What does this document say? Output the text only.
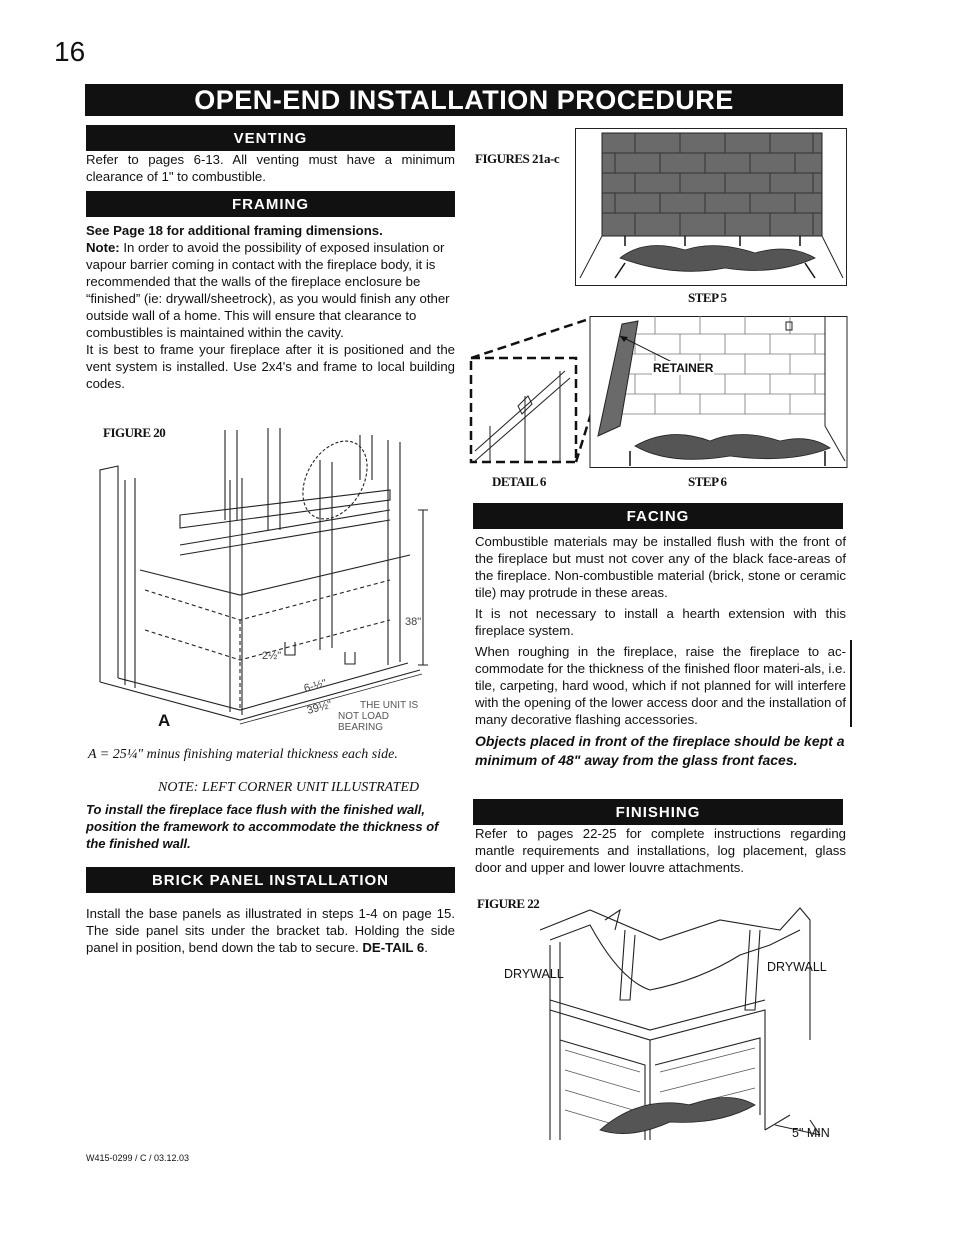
16
OPEN-END INSTALLATION PROCEDURE
VENTING
Refer to pages 6-13. All venting must have a minimum clearance of 1" to combustible.
FRAMING

See Page 18 for additional framing dimensions.

Note: In order to avoid the possibility of exposed insulation or vapour barrier coming in contact with the fireplace body, it is recommended that the walls of the fireplace enclosure be “finished” (ie: drywall/sheetrock), as you would finish any other outside wall of a home. This will ensure that clearance to combustibles is maintained within the cavity.

It is best to frame your fireplace after it is positioned and the vent system is installed. Use 2x4's and frame to local building codes.

FIGURE 20
38"
2½"
6-½"
39½"	THE UNIT IS
NOT LOAD
BEARING
A
A = 25¼" minus finishing material thickness each side.
NOTE: LEFT CORNER UNIT ILLUSTRATED
To install the fireplace face flush with the finished wall, position the framework to accommodate the thickness of the finished wall.
BRICK PANEL INSTALLATION
Install the base panels as illustrated in steps 1-4 on page 15. The side panel sits under the bracket tab. Holding the side panel in position, bend down the tab to secure. DE-TAIL 6.
W415-0299 / C / 03.12.03
FIGURES 21a-c
STEP 5
RETAINER
DETAIL 6	STEP 6
FACING

Combustible materials may be installed flush with the front of the fireplace but must not cover any of the black face-areas of the fireplace. Non-combustible material (brick, stone or ceramic tile) may protrude in these areas.

It is not necessary to install a hearth extension with this fireplace system.

When roughing in the fireplace, raise the fireplace to ac-commodate for the thickness of the finished floor materi-als, i.e. tile, carpeting, hard wood, which if not planned for will interfere with the opening of the lower access door and the installation of many decorative flashing accessories.

Objects placed in front of the fireplace should be kept a minimum of 48" away from the glass front faces.
FINISHING
Refer to pages 22-25 for complete instructions regarding mantle requirements and installations, log placement, glass door and upper and lower louvre attachments.
FIGURE 22
DRYWALL	DRYWALL
5" MIN
